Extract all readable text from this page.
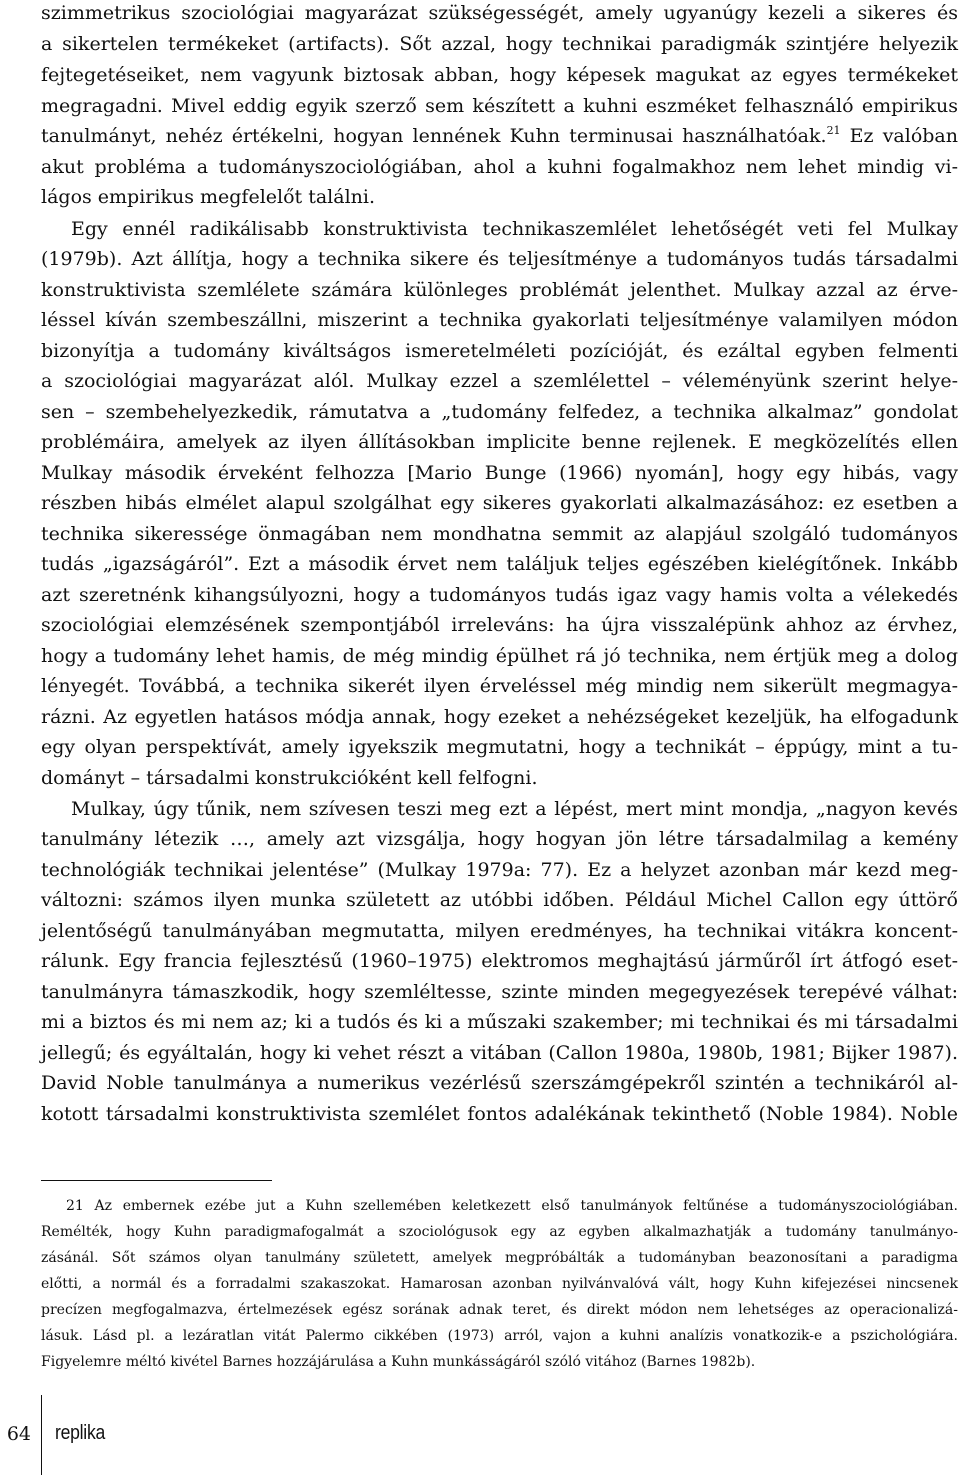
szimmetrikus szociológiai magyarázat szükségességét, amely ugyanúgy kezeli a sikeres és
a sikertelen termékeket (artifacts). Sőt azzal, hogy technikai paradigmák szintjére helyezik
fejtegetéseiket, nem vagyunk biztosak abban, hogy képesek magukat az egyes termékeket
megragadni. Mivel eddig egyik szerző sem készített a kuhni eszméket felhasználó empirikus
tanulmányt, nehéz értékelni, hogyan lennének Kuhn terminusai használhatóak.$^{21}$ Ez valóban
akut probléma a tudományszociológiában, ahol a kuhni fogalmakhoz nem lehet mindig vi-
lágos empirikus megfelelőt találni.
Egy ennél radikálisabb konstruktivista technikaszemlélet lehetőségét veti fel Mulkay
(1979b). Azt állítja, hogy a technika sikere és teljesítménye a tudományos tudás társadalmi
konstruktivista szemlélete számára különleges problémát jelenthet. Mulkay azzal az érve-
léssel kíván szembeszállni, miszerint a technika gyakorlati teljesítménye valamilyen módon
bizonyítja a tudomány kiváltságos ismeretelméleti pozícióját, és ezáltal egyben felmenti
a szociológiai magyarázat alól. Mulkay ezzel a szemlélettel – véleményünk szerint helye-
sen – szembehelyezkedik, rámutatva a „tudomány felfedez, a technika alkalmaz” gondolat
problémáira, amelyek az ilyen állításokban implicite benne rejlenek. E megközelítés ellen
Mulkay második érveként felhozza [Mario Bunge (1966) nyomán], hogy egy hibás, vagy
részben hibás elmélet alapul szolgálhat egy sikeres gyakorlati alkalmazásához: ez esetben a
technika sikeressége önmagában nem mondhatna semmit az alapjául szolgáló tudományos
tudás „igazságáról”. Ezt a második érvet nem találjuk teljes egészében kielégítőnek. Inkább
azt szeretnénk kihangsúlyozni, hogy a tudományos tudás igaz vagy hamis volta a vélekedés
szociológiai elemzésének szempontjából irreleváns: ha újra visszalépünk ahhoz az érvhez,
hogy a tudomány lehet hamis, de még mindig épülhet rá jó technika, nem értjük meg a dolog
lényegét. Továbbá, a technika sikerét ilyen érveléssel még mindig nem sikerült megmagya-
rázni. Az egyetlen hatásos módja annak, hogy ezeket a nehézségeket kezeljük, ha elfogadunk
egy olyan perspektívát, amely igyekszik megmutatni, hogy a technikát – éppúgy, mint a tu-
dományt – társadalmi konstrukcióként kell felfogni.
Mulkay, úgy tűnik, nem szívesen teszi meg ezt a lépést, mert mint mondja, „nagyon kevés
tanulmány létezik …, amely azt vizsgálja, hogy hogyan jön létre társadalmilag a kemény
technológiák technikai jelentése” (Mulkay 1979a: 77). Ez a helyzet azonban már kezd meg-
változni: számos ilyen munka született az utóbbi időben. Például Michel Callon egy úttörő
jelentőségű tanulmányában megmutatta, milyen eredményes, ha technikai vitákra koncent-
rálunk. Egy francia fejlesztésű (1960–1975) elektromos meghajtású járműről írt átfogó eset-
tanulmányra támaszkodik, hogy szemléltesse, szinte minden megegyezések terepévé válhat:
mi a biztos és mi nem az; ki a tudós és ki a műszaki szakember; mi technikai és mi társadalmi
jellegű; és egyáltalán, hogy ki vehet részt a vitában (Callon 1980a, 1980b, 1981; Bijker 1987).
David Noble tanulmánya a numerikus vezérlésű szerszámgépekről szintén a technikáról al-
kotott társadalmi konstruktivista szemlélet fontos adalékának tekinthető (Noble 1984). Noble
21 Az embernek ezébe jut a Kuhn szellemében keletkezett első tanulmányok feltűnése a tudományszociológiában.
Remélték, hogy Kuhn paradigmafogalmát a szociológusok egy az egyben alkalmazhatják a tudomány tanulmányo-
zásánál. Sőt számos olyan tanulmány született, amelyek megpróbálták a tudományban beazonosítani a paradigma
előtti, a normál és a forradalmi szakaszokat. Hamarosan azonban nyilvánvalóvá vált, hogy Kuhn kifejezései nincsenek
precízen megfogalmazva, értelmezések egész sorának adnak teret, és direkt módon nem lehetséges az operacionalizá-
lásuk. Lásd pl. a lezáratlan vitát Palermo cikkében (1973) arról, vajon a kuhni analízis vonatkozik-e a pszichológiára.
Figyelemre méltó kivétel Barnes hozzájárulása a Kuhn munkásságáról szóló vitához (Barnes 1982b).
64 replika
